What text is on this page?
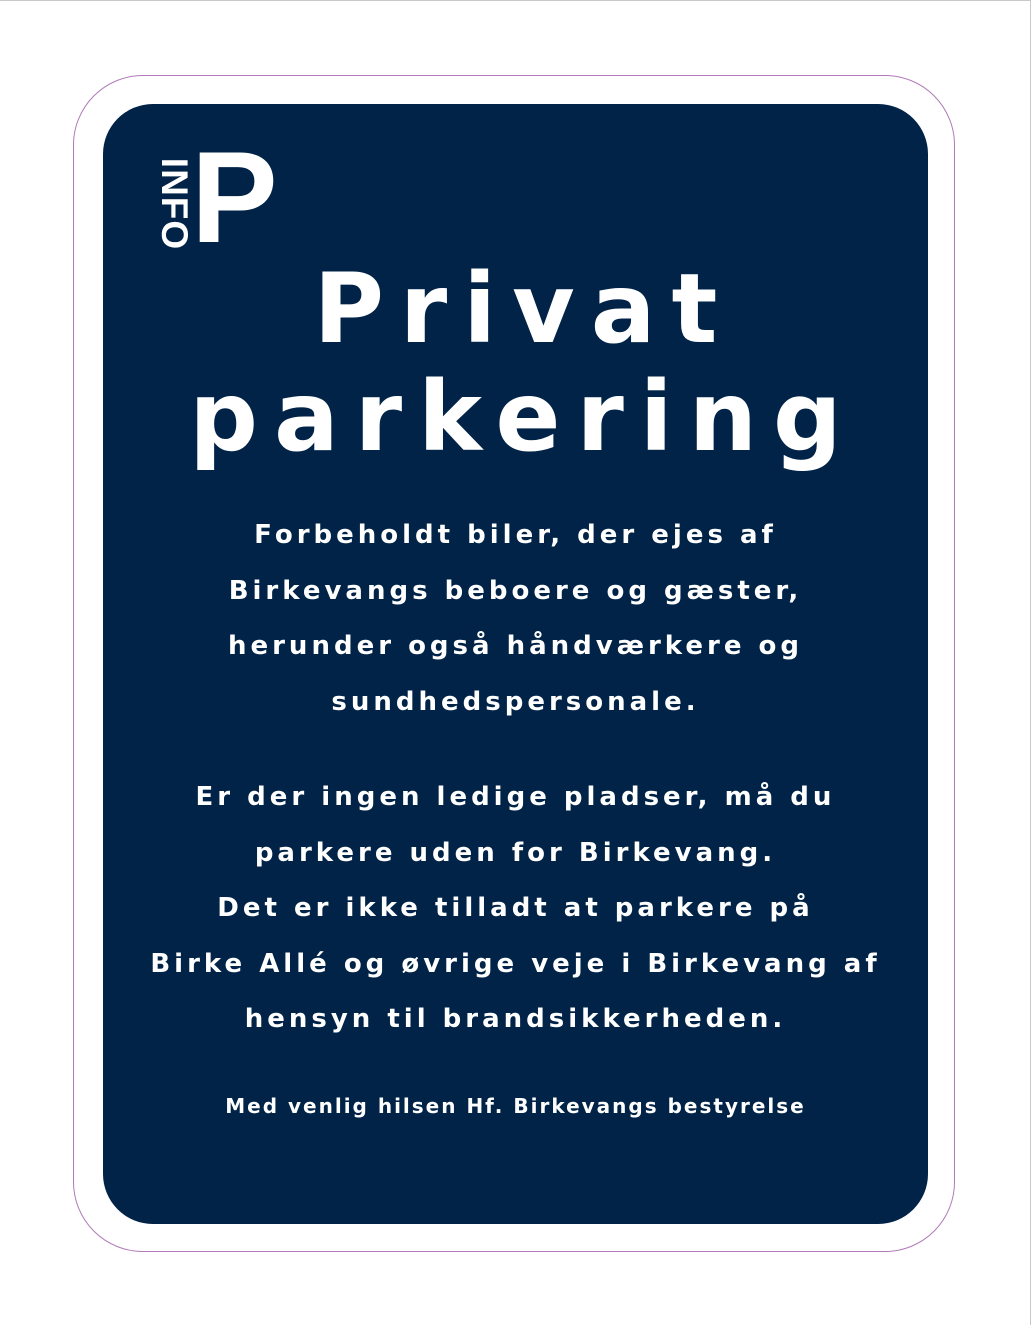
INFO
P
Privat
parkering
Forbeholdt biler, der ejes af
Birkevangs beboere og gæster,
herunder også håndværkere og
sundhedspersonale.
Er der ingen ledige pladser, må du
parkere uden for Birkevang.
Det er ikke tilladt at parkere på
Birke Allé og øvrige veje i Birkevang af
hensyn til brandsikkerheden.
Med venlig hilsen Hf. Birkevangs bestyrelse
